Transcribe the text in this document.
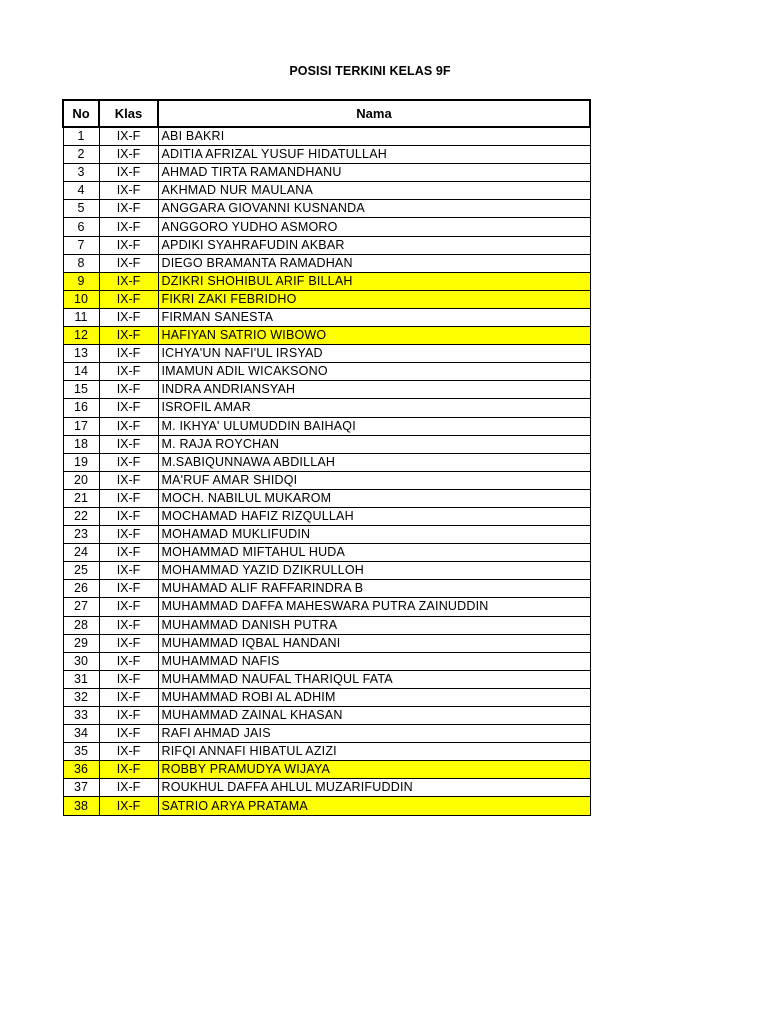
POSISI TERKINI KELAS 9F
No	Klas	Nama
1	IX-F	ABI BAKRI
2	IX-F	ADITIA AFRIZAL YUSUF HIDATULLAH
3	IX-F	AHMAD TIRTA RAMANDHANU
4	IX-F	AKHMAD NUR MAULANA
5	IX-F	ANGGARA GIOVANNI KUSNANDA
6	IX-F	ANGGORO YUDHO ASMORO
7	IX-F	APDIKI SYAHRAFUDIN AKBAR
8	IX-F	DIEGO BRAMANTA RAMADHAN
9	IX-F	DZIKRI SHOHIBUL ARIF BILLAH
10	IX-F	FIKRI ZAKI FEBRIDHO
11	IX-F	FIRMAN SANESTA
12	IX-F	HAFIYAN SATRIO WIBOWO
13	IX-F	ICHYA'UN NAFI'UL IRSYAD
14	IX-F	IMAMUN ADIL WICAKSONO
15	IX-F	INDRA ANDRIANSYAH
16	IX-F	ISROFIL AMAR
17	IX-F	M. IKHYA' ULUMUDDIN BAIHAQI
18	IX-F	M. RAJA ROYCHAN
19	IX-F	M.SABIQUNNAWA ABDILLAH
20	IX-F	MA'RUF AMAR SHIDQI
21	IX-F	MOCH. NABILUL MUKAROM
22	IX-F	MOCHAMAD HAFIZ RIZQULLAH
23	IX-F	MOHAMAD MUKLIFUDIN
24	IX-F	MOHAMMAD MIFTAHUL HUDA
25	IX-F	MOHAMMAD YAZID DZIKRULLOH
26	IX-F	MUHAMAD ALIF RAFFARINDRA B
27	IX-F	MUHAMMAD DAFFA MAHESWARA PUTRA ZAINUDDIN
28	IX-F	MUHAMMAD DANISH PUTRA
29	IX-F	MUHAMMAD IQBAL HANDANI
30	IX-F	MUHAMMAD NAFIS
31	IX-F	MUHAMMAD NAUFAL THARIQUL FATA
32	IX-F	MUHAMMAD ROBI AL ADHIM
33	IX-F	MUHAMMAD ZAINAL KHASAN
34	IX-F	RAFI AHMAD JAIS
35	IX-F	RIFQI ANNAFI HIBATUL AZIZI
36	IX-F	ROBBY PRAMUDYA WIJAYA
37	IX-F	ROUKHUL DAFFA AHLUL MUZARIFUDDIN
38	IX-F	SATRIO ARYA PRATAMA
